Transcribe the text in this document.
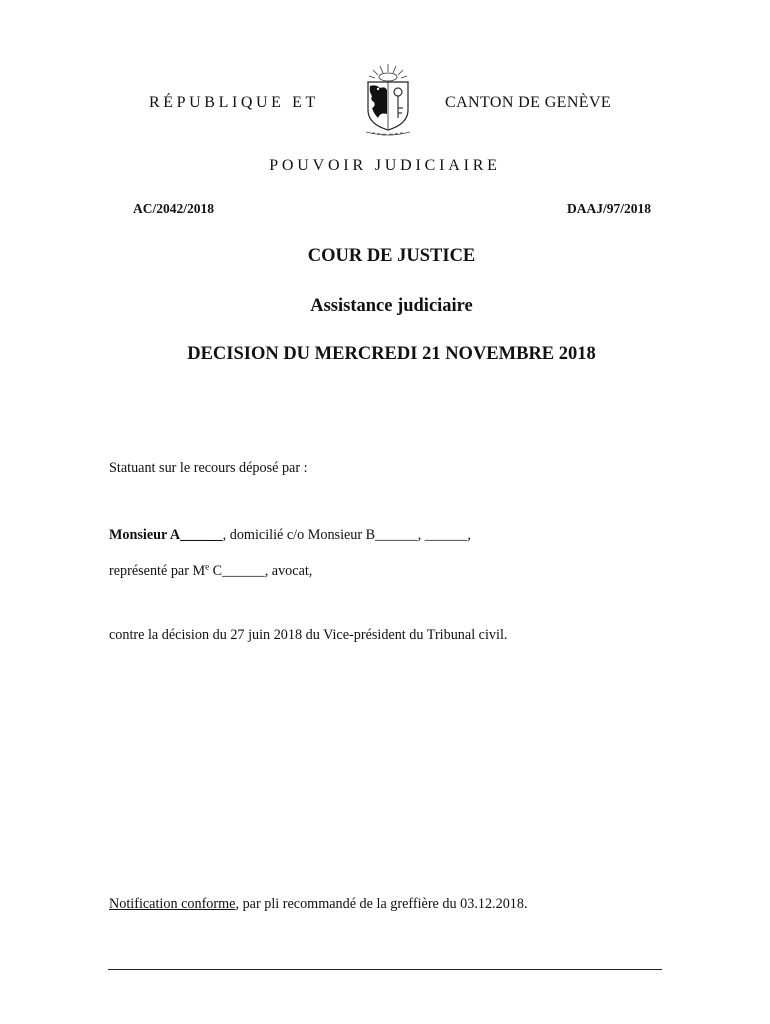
RÉPUBLIQUE ET	CANTON DE GENÈVE
POUVOIR JUDICIAIRE
AC/2042/2018	DAAJ/97/2018
COUR DE JUSTICE
Assistance judiciaire
DECISION DU MERCREDI 21 NOVEMBRE 2018
Statuant sur le recours déposé par :
Monsieur A______, domicilié c/o Monsieur B______, ______,
représenté par Me C______, avocat,
contre la décision du 27 juin 2018 du Vice-président du Tribunal civil.
Notification conforme, par pli recommandé de la greffière du 03.12.2018.
